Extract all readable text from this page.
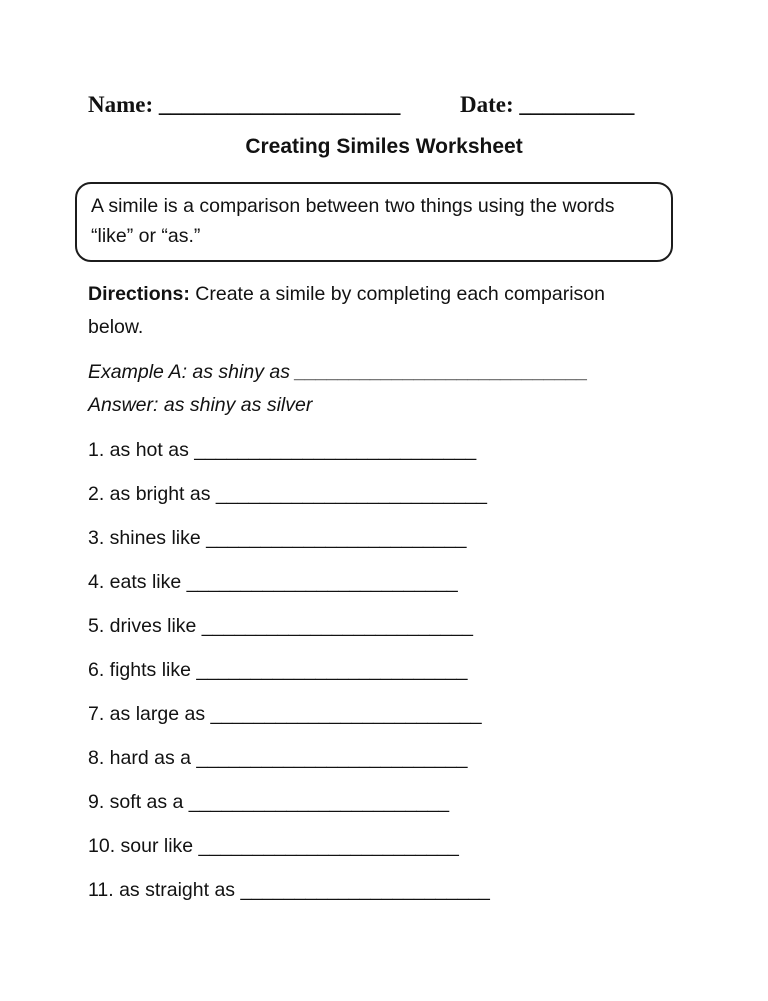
Name: _____________________	Date: __________
Creating Similes Worksheet
A simile is a comparison between two things using the words
“like” or “as.”

Directions: Create a simile by completing each comparison
below.

Example A: as shiny as ___________________________
Answer: as shiny as silver
1. as hot as __________________________
2. as bright as _________________________
3. shines like ________________________
4. eats like _________________________
5. drives like _________________________
6. fights like _________________________
7. as large as _________________________
8. hard as a _________________________
9. soft as a ________________________
10. sour like ________________________
11. as straight as _______________________
